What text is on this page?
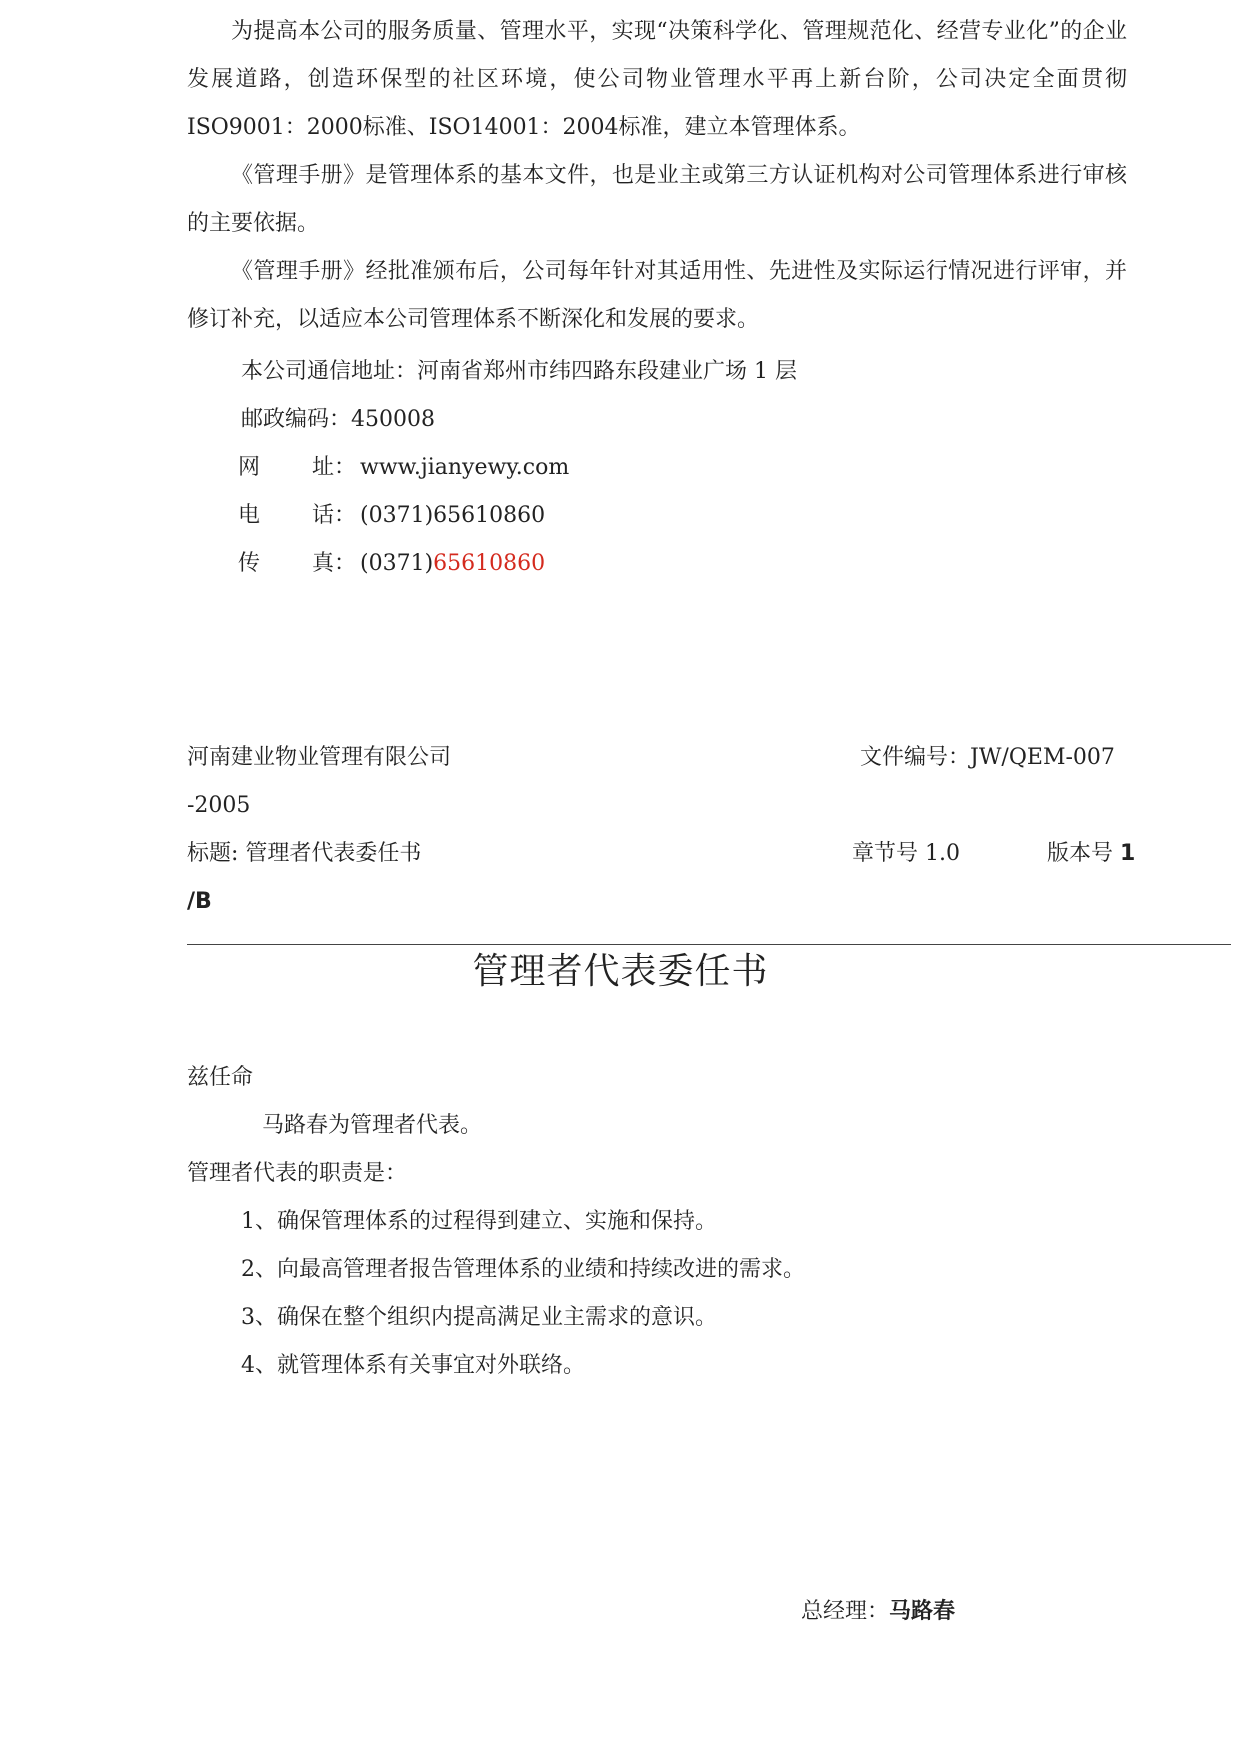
为提高本公司的服务质量、管理水平，实现“决策科学化、管理规范化、经营专业化”的企业发展道路，创造环保型的社区环境，使公司物业管理水平再上新台阶，公司决定全面贯彻ISO9001：2000标准、ISO14001：2004标准，建立本管理体系。
《管理手册》是管理体系的基本文件，也是业主或第三方认证机构对公司管理体系进行审核的主要依据。
《管理手册》经批准颁布后，公司每年针对其适用性、先进性及实际运行情况进行评审，并修订补充，以适应本公司管理体系不断深化和发展的要求。
本公司通信地址：河南省郑州市纬四路东段建业广场 1 层
邮政编码：450008
网 址： www.jianyewy.com
电 话： (0371)65610860
传 真： (0371)65610860
河南建业物业管理有限公司	文件编号：JW/QEM-007
-2005
标题: 管理者代表委任书	章节号 1.0	版本号 1
/B
管理者代表委任书
兹任命
马路春为管理者代表。
管理者代表的职责是：
1、确保管理体系的过程得到建立、实施和保持。
2、向最高管理者报告管理体系的业绩和持续改进的需求。
3、确保在整个组织内提高满足业主需求的意识。
4、就管理体系有关事宜对外联络。
总经理：马路春
